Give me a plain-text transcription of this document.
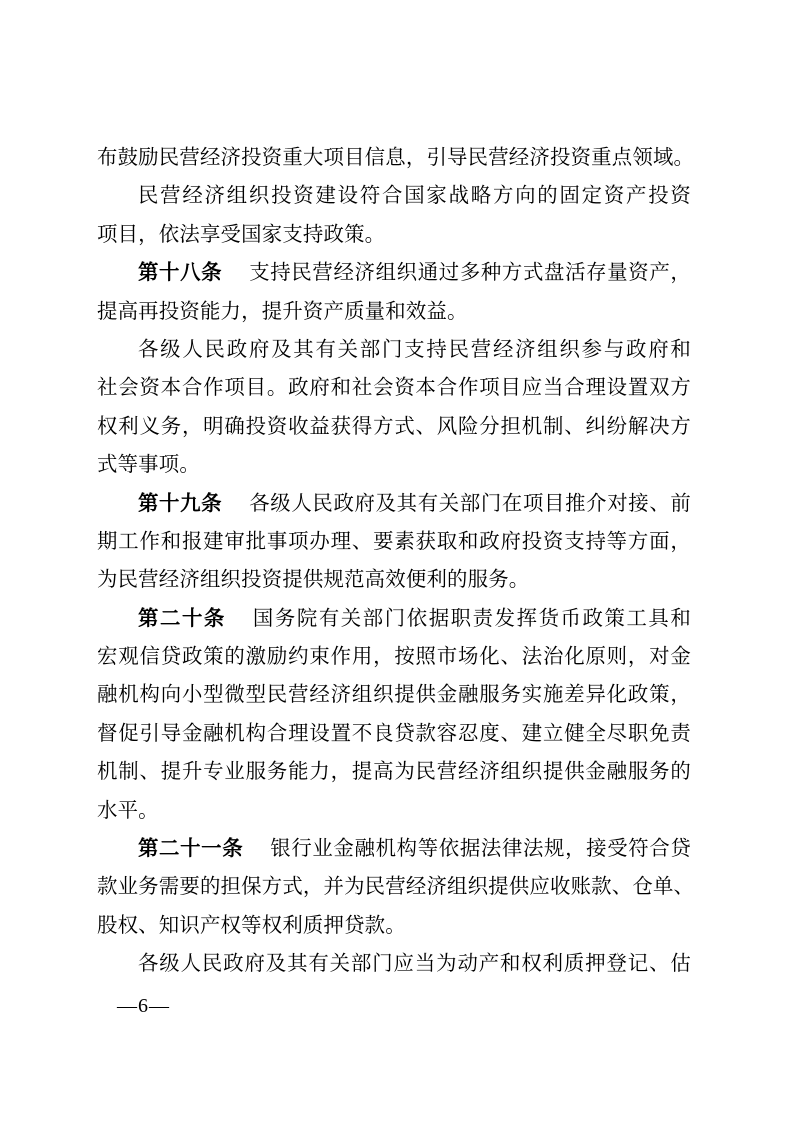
布鼓励民营经济投资重大项目信息，引导民营经济投资重点领域。
民营经济组织投资建设符合国家战略方向的固定资产投资
项目，依法享受国家支持政策。
第十八条 支持民营经济组织通过多种方式盘活存量资产，
提高再投资能力，提升资产质量和效益。
各级人民政府及其有关部门支持民营经济组织参与政府和
社会资本合作项目。政府和社会资本合作项目应当合理设置双方
权利义务，明确投资收益获得方式、风险分担机制、纠纷解决方
式等事项。
第十九条 各级人民政府及其有关部门在项目推介对接、前
期工作和报建审批事项办理、要素获取和政府投资支持等方面，
为民营经济组织投资提供规范高效便利的服务。
第二十条 国务院有关部门依据职责发挥货币政策工具和
宏观信贷政策的激励约束作用，按照市场化、法治化原则，对金
融机构向小型微型民营经济组织提供金融服务实施差异化政策，
督促引导金融机构合理设置不良贷款容忍度、建立健全尽职免责
机制、提升专业服务能力，提高为民营经济组织提供金融服务的
水平。
第二十一条 银行业金融机构等依据法律法规，接受符合贷
款业务需要的担保方式，并为民营经济组织提供应收账款、仓单、
股权、知识产权等权利质押贷款。
各级人民政府及其有关部门应当为动产和权利质押登记、估
—6—
